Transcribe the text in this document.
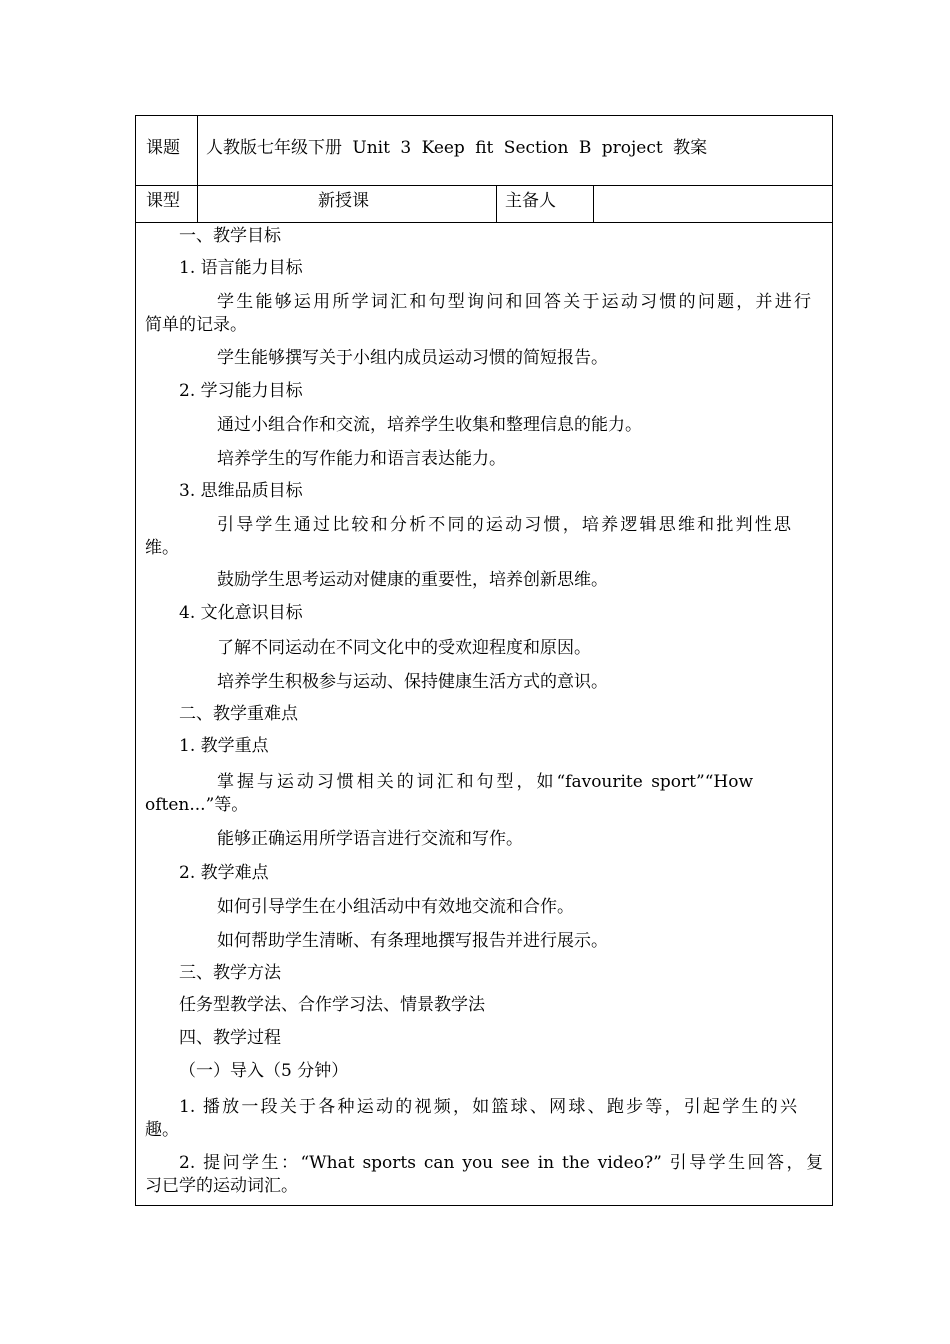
课题 人教版七年级下册 Unit 3 Keep fit Section B project 教案
课型	新授课	主备人
一、教学目标
1. 语言能力目标
学生能够运用所学词汇和句型询问和回答关于运动习惯的问题，并进行
简单的记录。
学生能够撰写关于小组内成员运动习惯的简短报告。
2. 学习能力目标
通过小组合作和交流，培养学生收集和整理信息的能力。
培养学生的写作能力和语言表达能力。
3. 思维品质目标
引导学生通过比较和分析不同的运动习惯，培养逻辑思维和批判性思
维。
鼓励学生思考运动对健康的重要性，培养创新思维。
4. 文化意识目标
了解不同运动在不同文化中的受欢迎程度和原因。
培养学生积极参与运动、保持健康生活方式的意识。
二、教学重难点
1. 教学重点
掌握与运动习惯相关的词汇和句型，如“favourite sport”“How
often...”等。
能够正确运用所学语言进行交流和写作。
2. 教学难点
如何引导学生在小组活动中有效地交流和合作。
如何帮助学生清晰、有条理地撰写报告并进行展示。
三、教学方法
任务型教学法、合作学习法、情景教学法
四、教学过程
（一）导入（5 分钟）
1. 播放一段关于各种运动的视频，如篮球、网球、跑步等，引起学生的兴
趣。
2. 提问学生：“What sports can you see in the video?” 引导学生回答，复
习已学的运动词汇。
